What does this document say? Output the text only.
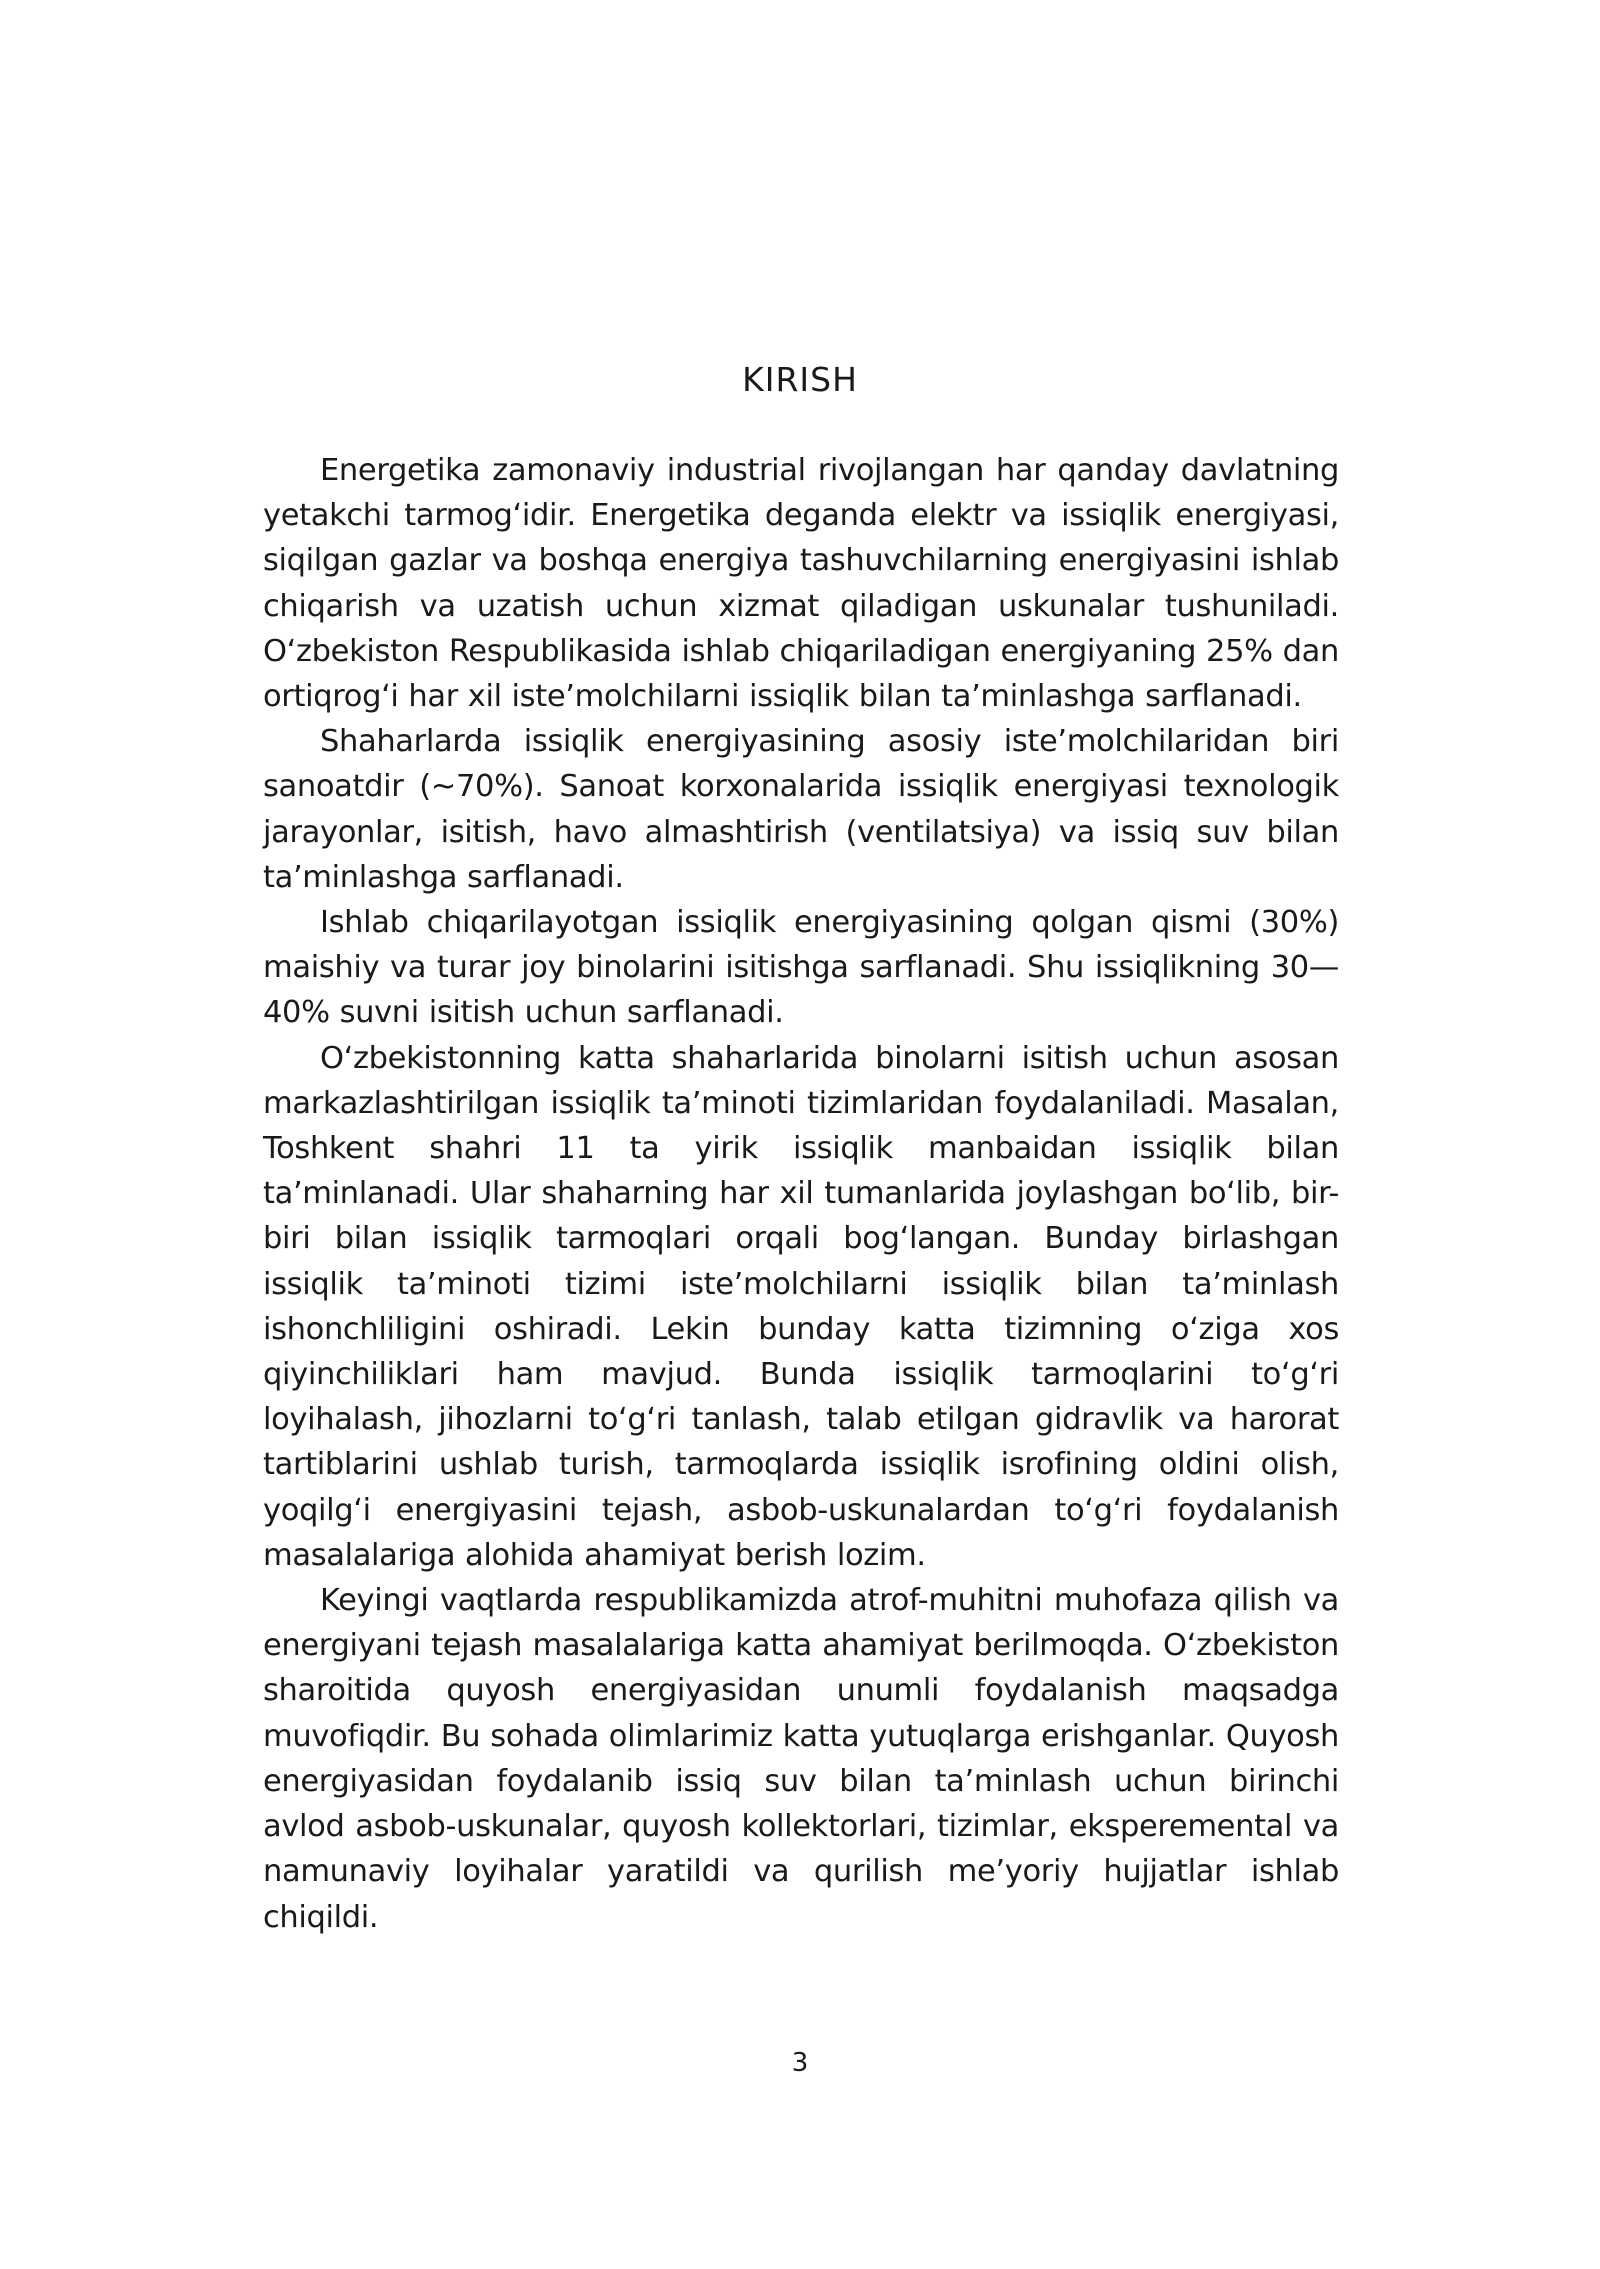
KIRISH

Energetika zamonaviy industrial rivojlangan har qanday davlatning yetakchi tarmog‘idir. Energetika deganda elektr va issiqlik energiyasi, siqilgan gazlar va boshqa energiya tashuvchilarning energiyasini ishlab chiqarish va uzatish uchun xizmat qiladigan uskunalar tushuniladi. O‘zbekiston Respublikasida ishlab chiqariladigan energiyaning 25% dan ortiqrog‘i har xil iste’molchilarni issiqlik bilan ta’minlashga sarflanadi.

Shaharlarda issiqlik energiyasining asosiy iste’molchilaridan biri sanoatdir (~70%). Sanoat korxonalarida issiqlik energiyasi texnologik jarayonlar, isitish, havo almashtirish (ventilatsiya) va issiq suv bilan ta’minlashga sarflanadi.

Ishlab chiqarilayotgan issiqlik energiyasining qolgan qismi (30%) maishiy va turar joy binolarini isitishga sarflanadi. Shu issiqlikning 30—40% suvni isitish uchun sarflanadi.

O‘zbekistonning katta shaharlarida binolarni isitish uchun asosan markazlashtirilgan issiqlik ta’minoti tizimlaridan foydalaniladi. Masalan, Toshkent shahri 11 ta yirik issiqlik manbaidan issiqlik bilan ta’minlanadi. Ular shaharning har xil tumanlarida joylashgan bo‘lib, bir-biri bilan issiqlik tarmoqlari orqali bog‘langan. Bunday birlashgan issiqlik ta’minoti tizimi iste’molchilarni issiqlik bilan ta’minlash ishonchliligini oshiradi. Lekin bunday katta tizimning o‘ziga xos qiyinchiliklari ham mavjud. Bunda issiqlik tarmoqlarini to‘g‘ri loyihalash, jihozlarni to‘g‘ri tanlash, talab etilgan gidravlik va harorat tartiblarini ushlab turish, tarmoqlarda issiqlik isrofining oldini olish, yoqilg‘i energiyasini tejash, asbob-uskunalardan to‘g‘ri foydalanish masalalariga alohida ahamiyat berish lozim.

Keyingi vaqtlarda respublikamizda atrof-muhitni muhofaza qilish va energiyani tejash masalalariga katta ahamiyat berilmoqda. O‘zbekiston sharoitida quyosh energiyasidan unumli foydalanish maqsadga muvofiqdir. Bu sohada olimlarimiz katta yutuqlarga erishganlar. Quyosh energiyasidan foydalanib issiq suv bilan ta’minlash uchun birinchi avlod asbob-uskunalar, quyosh kollektorlari, tizimlar, eksperemental va namunaviy loyihalar yaratildi va qurilish me’yoriy hujjatlar ishlab chiqildi.

3
